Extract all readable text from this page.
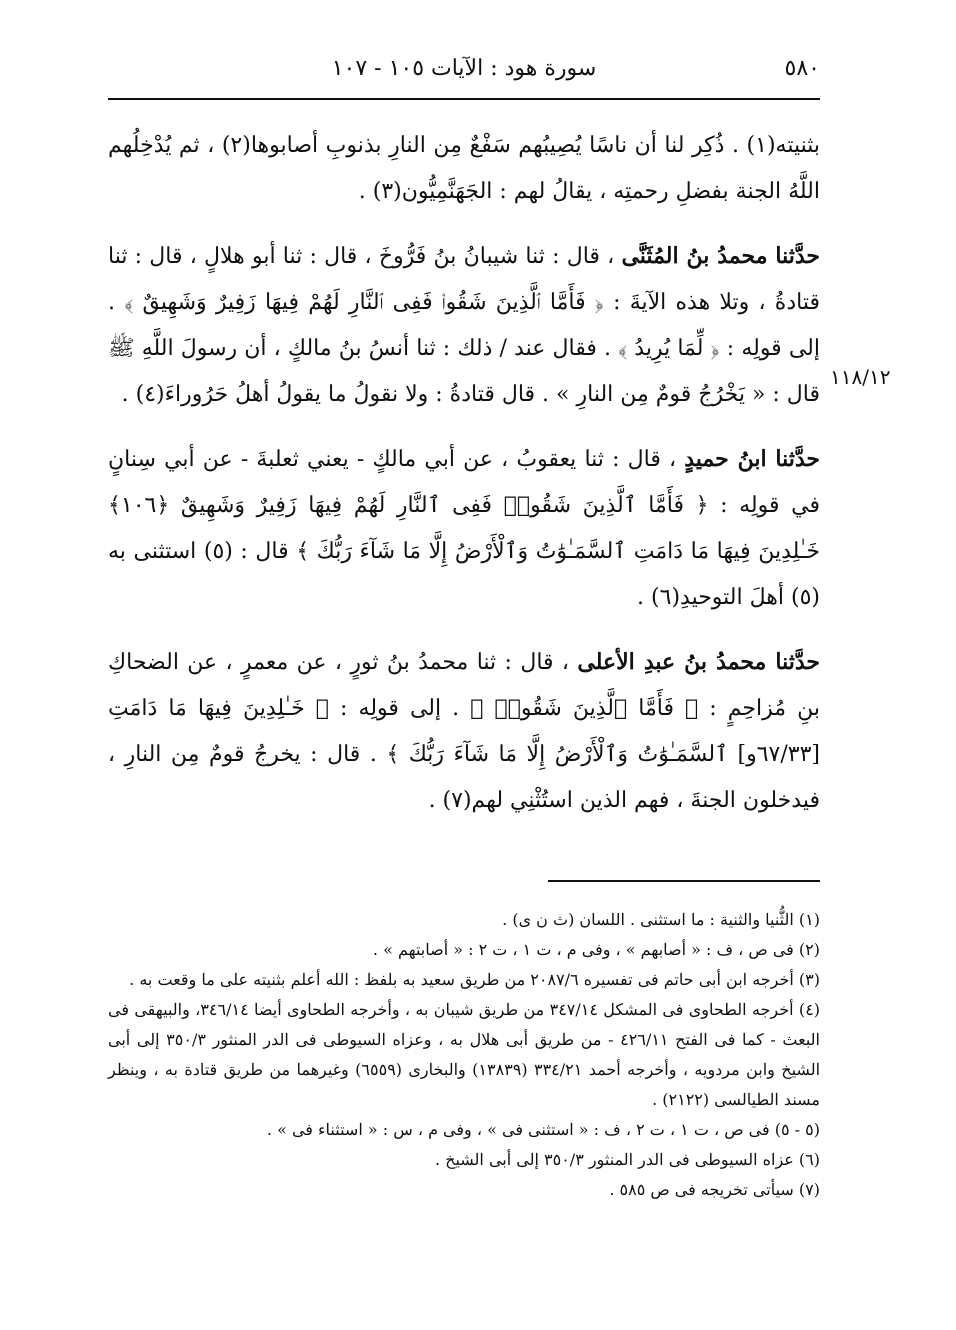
٥٨٠
سورة هود : الآيات ١٠٥ - ١٠٧
١١٨/١٢

بثنيته(١) . ذُكِر لنا أن ناسًا يُصِيبُهم سَفْعٌ مِن النارِ بذنوبِ أصابوها(٢) ، ثم يُدْخِلُهم اللَّهُ الجنة بفضلِ رحمتِه ، يقالُ لهم : الجَهَنَّمِيُّون(٣) .

حدَّثنا محمدُ بنُ المُثَنَّى ، قال : ثنا شيبانُ بنُ فَرُّوخَ ، قال : ثنا أبو هلالٍ ، قال : ثنا قتادةُ ، وتلا هذه الآيةَ : ﴿ فَأَمَّا ٱلَّذِينَ شَقُوا۟ فَفِى ٱلنَّارِ لَهُمْ فِيهَا زَفِيرٌ وَشَهِيقٌ ﴾ . إلى قولِه : ﴿ لِّمَا يُرِيدُ ﴾ . فقال عند / ذلك : ثنا أنسُ بنُ مالكٍ ، أن رسولَ اللَّهِ ﷺ قال : « يَخْرُجُ قومٌ مِن النارِ » . قال قتادةُ : ولا نقولُ ما يقولُ أهلُ حَرُوراءَ(٤) .

حدَّثنا ابنُ حميدٍ ، قال : ثنا يعقوبُ ، عن أبي مالكٍ - يعني ثعلبةَ - عن أبي سِنانٍ في قولِه : ﴿ فَأَمَّا ٱلَّذِينَ شَقُوا۟ فَفِى ٱلنَّارِ لَهُمْ فِيهَا زَفِيرٌ وَشَهِيقٌ ﴿١٠٦﴾ خَـٰلِدِينَ فِيهَا مَا دَامَتِ ٱلسَّمَـٰوَٰتُ وَٱلْأَرْضُ إِلَّا مَا شَآءَ رَبُّكَ ﴾ قال : (٥) استثنى به (٥) أهلَ التوحيدِ(٦) .

حدَّثنا محمدُ بنُ عبدِ الأعلى ، قال : ثنا محمدُ بنُ ثورٍ ، عن معمرٍ ، عن الضحاكِ بنِ مُزاحِمٍ : ﴿ فَأَمَّا ٱلَّذِينَ شَقُوا۟ ﴾ . إلى قولِه : ﴿ خَـٰلِدِينَ فِيهَا مَا دَامَتِ [٦٧/٣٣و] ٱلسَّمَـٰوَٰتُ وَٱلْأَرْضُ إِلَّا مَا شَآءَ رَبُّكَ ﴾ . قال : يخرجُ قومٌ مِن النارِ ، فيدخلون الجنةَ ، فهم الذين استُثْنِي لهم(٧) .

(١) الثُّنيا والثنية : ما استثنى . اللسان (ث ن ى) .

(٢) فى ص ، ف : « أصابهم » ، وفى م ، ت ١ ، ت ٢ : « أصابتهم » .

(٣) أخرجه ابن أبى حاتم فى تفسيره ٢٠٨٧/٦ من طريق سعيد به بلفظ : الله أعلم بثنيته على ما وقعت به .

(٤) أخرجه الطحاوى فى المشكل ٣٤٧/١٤ من طريق شيبان به ، وأخرجه الطحاوى أيضا ٣٤٦/١٤، والبيهقى فى البعث - كما فى الفتح ٤٢٦/١١ - من طريق أبى هلال به ، وعزاه السيوطى فى الدر المنثور ٣٥٠/٣ إلى أبى الشيخ وابن مردويه ، وأخرجه أحمد ٣٣٤/٢١ (١٣٨٣٩) والبخارى (٦٥٥٩) وغيرهما من طريق قتادة به ، وينظر مسند الطيالسى (٢١٢٢) .

(٥ - ٥) فى ص ، ت ١ ، ت ٢ ، ف : « استثنى فى » ، وفى م ، س : « استثناء فى » .

(٦) عزاه السيوطى فى الدر المنثور ٣٥٠/٣ إلى أبى الشيخ .

(٧) سيأتى تخريجه فى ص ٥٨٥ .
